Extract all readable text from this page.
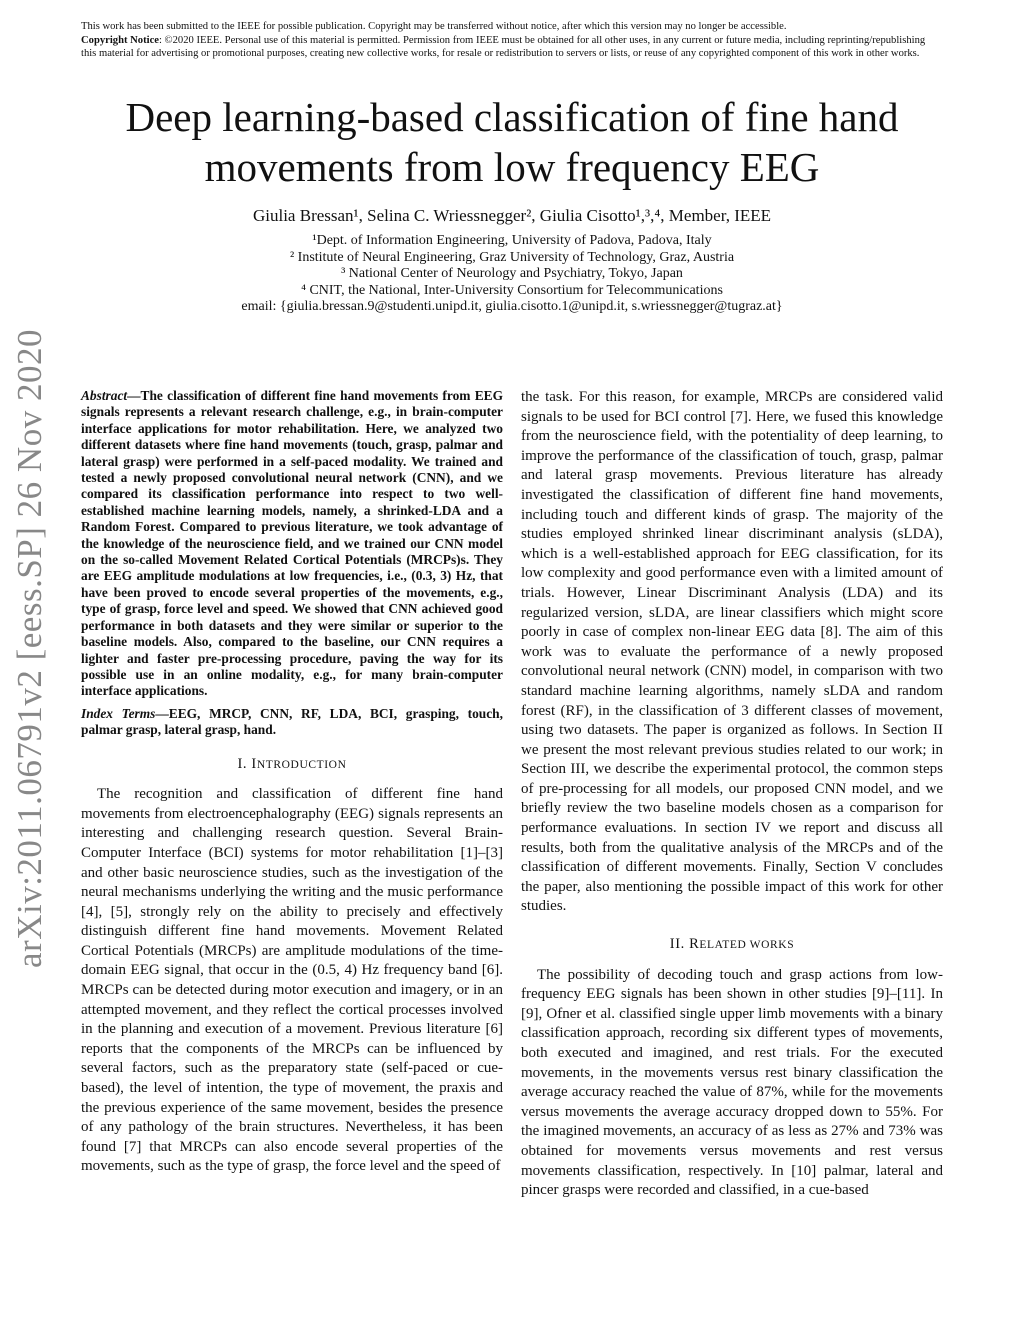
This work has been submitted to the IEEE for possible publication. Copyright may be transferred without notice, after which this version may no longer be accessible.
Copyright Notice: ©2020 IEEE. Personal use of this material is permitted. Permission from IEEE must be obtained for all other uses, in any current or future media, including reprinting/republishing this material for advertising or promotional purposes, creating new collective works, for resale or redistribution to servers or lists, or reuse of any copyrighted component of this work in other works.
arXiv:2011.06791v2 [eess.SP] 26 Nov 2020
Deep learning-based classification of fine hand movements from low frequency EEG
Giulia Bressan¹, Selina C. Wriessnegger², Giulia Cisotto¹,³,⁴, Member, IEEE
¹Dept. of Information Engineering, University of Padova, Padova, Italy
² Institute of Neural Engineering, Graz University of Technology, Graz, Austria
³ National Center of Neurology and Psychiatry, Tokyo, Japan
⁴ CNIT, the National, Inter-University Consortium for Telecommunications
email: {giulia.bressan.9@studenti.unipd.it, giulia.cisotto.1@unipd.it, s.wriessnegger@tugraz.at}
Abstract—The classification of different fine hand movements from EEG signals represents a relevant research challenge, e.g., in brain-computer interface applications for motor rehabilitation. Here, we analyzed two different datasets where fine hand movements (touch, grasp, palmar and lateral grasp) were performed in a self-paced modality. We trained and tested a newly proposed convolutional neural network (CNN), and we compared its classification performance into respect to two well-established machine learning models, namely, a shrinked-LDA and a Random Forest. Compared to previous literature, we took advantage of the knowledge of the neuroscience field, and we trained our CNN model on the so-called Movement Related Cortical Potentials (MRCPs)s. They are EEG amplitude modulations at low frequencies, i.e., (0.3, 3) Hz, that have been proved to encode several properties of the movements, e.g., type of grasp, force level and speed. We showed that CNN achieved good performance in both datasets and they were similar or superior to the baseline models. Also, compared to the baseline, our CNN requires a lighter and faster pre-processing procedure, paving the way for its possible use in an online modality, e.g., for many brain-computer interface applications.
Index Terms—EEG, MRCP, CNN, RF, LDA, BCI, grasping, touch, palmar grasp, lateral grasp, hand.
I. INTRODUCTION

The recognition and classification of different fine hand movements from electroencephalography (EEG) signals represents an interesting and challenging research question. Several Brain-Computer Interface (BCI) systems for motor rehabilitation [1]–[3] and other basic neuroscience studies, such as the investigation of the neural mechanisms underlying the writing and the music performance [4], [5], strongly rely on the ability to precisely and effectively distinguish different fine hand movements. Movement Related Cortical Potentials (MRCPs) are amplitude modulations of the time-domain EEG signal, that occur in the (0.5, 4) Hz frequency band [6]. MRCPs can be detected during motor execution and imagery, or in an attempted movement, and they reflect the cortical processes involved in the planning and execution of a movement. Previous literature [6] reports that the components of the MRCPs can be influenced by several factors, such as the preparatory state (self-paced or cue-based), the level of intention, the type of movement, the praxis and the previous experience of the same movement, besides the presence of any pathology of the brain structures. Nevertheless, it has been found [7] that MRCPs can also encode several properties of the movements, such as the type of grasp, the force level and the speed of

the task. For this reason, for example, MRCPs are considered valid signals to be used for BCI control [7]. Here, we fused this knowledge from the neuroscience field, with the potentiality of deep learning, to improve the performance of the classification of touch, grasp, palmar and lateral grasp movements. Previous literature has already investigated the classification of different fine hand movements, including touch and different kinds of grasp. The majority of the studies employed shrinked linear discriminant analysis (sLDA), which is a well-established approach for EEG classification, for its low complexity and good performance even with a limited amount of trials. However, Linear Discriminant Analysis (LDA) and its regularized version, sLDA, are linear classifiers which might score poorly in case of complex non-linear EEG data [8]. The aim of this work was to evaluate the performance of a newly proposed convolutional neural network (CNN) model, in comparison with two standard machine learning algorithms, namely sLDA and random forest (RF), in the classification of 3 different classes of movement, using two datasets. The paper is organized as follows. In Section II we present the most relevant previous studies related to our work; in Section III, we describe the experimental protocol, the common steps of pre-processing for all models, our proposed CNN model, and we briefly review the two baseline models chosen as a comparison for performance evaluations. In section IV we report and discuss all results, both from the qualitative analysis of the MRCPs and of the classification of different movements. Finally, Section V concludes the paper, also mentioning the possible impact of this work for other studies.

II. RELATED WORKS

The possibility of decoding touch and grasp actions from low-frequency EEG signals has been shown in other studies [9]–[11]. In [9], Ofner et al. classified single upper limb movements with a binary classification approach, recording six different types of movements, both executed and imagined, and rest trials. For the executed movements, in the movements versus rest binary classification the average accuracy reached the value of 87%, while for the movements versus movements the average accuracy dropped down to 55%. For the imagined movements, an accuracy of as less as 27% and 73% was obtained for movements versus movements and rest versus movements classification, respectively. In [10] palmar, lateral and pincer grasps were recorded and classified, in a cue-based
